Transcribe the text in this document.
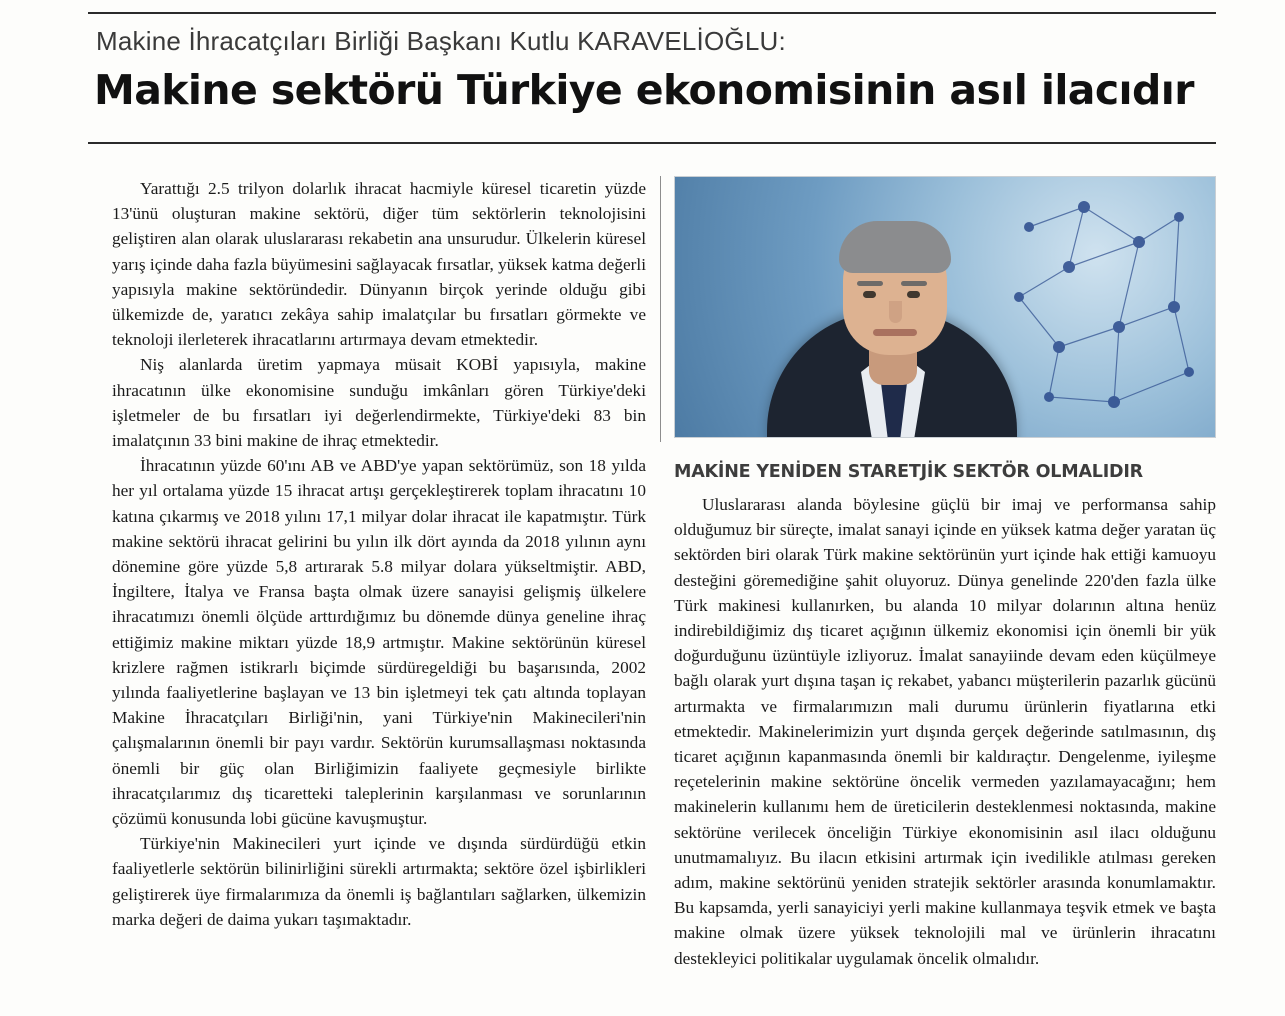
Makine İhracatçıları Birliği Başkanı Kutlu KARAVELİOĞLU:
Makine sektörü Türkiye ekonomisinin asıl ilacıdır

Yarattığı 2.5 trilyon dolarlık ihracat hacmiyle küresel ticaretin yüzde 13'ünü oluşturan makine sektörü, diğer tüm sektörlerin teknolojisini geliştiren alan olarak uluslararası rekabetin ana unsurudur. Ülkelerin küresel yarış içinde daha fazla büyümesini sağlayacak fırsatlar, yüksek katma değerli yapısıyla makine sektöründedir. Dünyanın birçok yerinde olduğu gibi ülkemizde de, yaratıcı zekâya sahip imalatçılar bu fırsatları görmekte ve teknoloji ilerleterek ihracatlarını artırmaya devam etmektedir.

Niş alanlarda üretim yapmaya müsait KOBİ yapısıyla, makine ihracatının ülke ekonomisine sunduğu imkânları gören Türkiye'deki işletmeler de bu fırsatları iyi değerlendirmekte, Türkiye'deki 83 bin imalatçının 33 bini makine de ihraç etmektedir.

İhracatının yüzde 60'ını AB ve ABD'ye yapan sektörümüz, son 18 yılda her yıl ortalama yüzde 15 ihracat artışı gerçekleştirerek toplam ihracatını 10 katına çıkarmış ve 2018 yılını 17,1 milyar dolar ihracat ile kapatmıştır. Türk makine sektörü ihracat gelirini bu yılın ilk dört ayında da 2018 yılının aynı dönemine göre yüzde 5,8 artırarak 5.8 milyar dolara yükseltmiştir. ABD, İngiltere, İtalya ve Fransa başta olmak üzere sanayisi gelişmiş ülkelere ihracatımızı önemli ölçüde arttırdığımız bu dönemde dünya geneline ihraç ettiğimiz makine miktarı yüzde 18,9 artmıştır. Makine sektörünün küresel krizlere rağmen istikrarlı biçimde sürdüregeldiği bu başarısında, 2002 yılında faaliyetlerine başlayan ve 13 bin işletmeyi tek çatı altında toplayan Makine İhracatçıları Birliği'nin, yani Türkiye'nin Makinecileri'nin çalışmalarının önemli bir payı vardır. Sektörün kurumsallaşması noktasında önemli bir güç olan Birliğimizin faaliyete geçmesiyle birlikte ihracatçılarımız dış ticaretteki taleplerinin karşılanması ve sorunlarının çözümü konusunda lobi gücüne kavuşmuştur.

Türkiye'nin Makinecileri yurt içinde ve dışında sürdürdüğü etkin faaliyetlerle sektörün bilinirliğini sürekli artırmakta; sektöre özel işbirlikleri geliştirerek üye firmalarımıza da önemli iş bağlantıları sağlarken, ülkemizin marka değeri de daima yukarı taşımaktadır.

MAKİNE YENİDEN STARETJİK SEKTÖR OLMALIDIR

Uluslararası alanda böylesine güçlü bir imaj ve performansa sahip olduğumuz bir süreçte, imalat sanayi içinde en yüksek katma değer yaratan üç sektörden biri olarak Türk makine sektörünün yurt içinde hak ettiği kamuoyu desteğini göremediğine şahit oluyoruz. Dünya genelinde 220'den fazla ülke Türk makinesi kullanırken, bu alanda 10 milyar dolarının altına henüz indirebildiğimiz dış ticaret açığının ülkemiz ekonomisi için önemli bir yük doğurduğunu üzüntüyle izliyoruz. İmalat sanayiinde devam eden küçülmeye bağlı olarak yurt dışına taşan iç rekabet, yabancı müşterilerin pazarlık gücünü artırmakta ve firmalarımızın mali durumu ürünlerin fiyatlarına etki etmektedir. Makinelerimizin yurt dışında gerçek değerinde satılmasının, dış ticaret açığının kapanmasında önemli bir kaldıraçtır. Dengelenme, iyileşme reçetelerinin makine sektörüne öncelik vermeden yazılamayacağını; hem makinelerin kullanımı hem de üreticilerin desteklenmesi noktasında, makine sektörüne verilecek önceliğin Türkiye ekonomisinin asıl ilacı olduğunu unutmamalıyız. Bu ilacın etkisini artırmak için ivedilikle atılması gereken adım, makine sektörünü yeniden stratejik sektörler arasında konumlamaktır. Bu kapsamda, yerli sanayiciyi yerli makine kullanmaya teşvik etmek ve başta makine olmak üzere yüksek teknolojili mal ve ürünlerin ihracatını destekleyici politikalar uygulamak öncelik olmalıdır.
